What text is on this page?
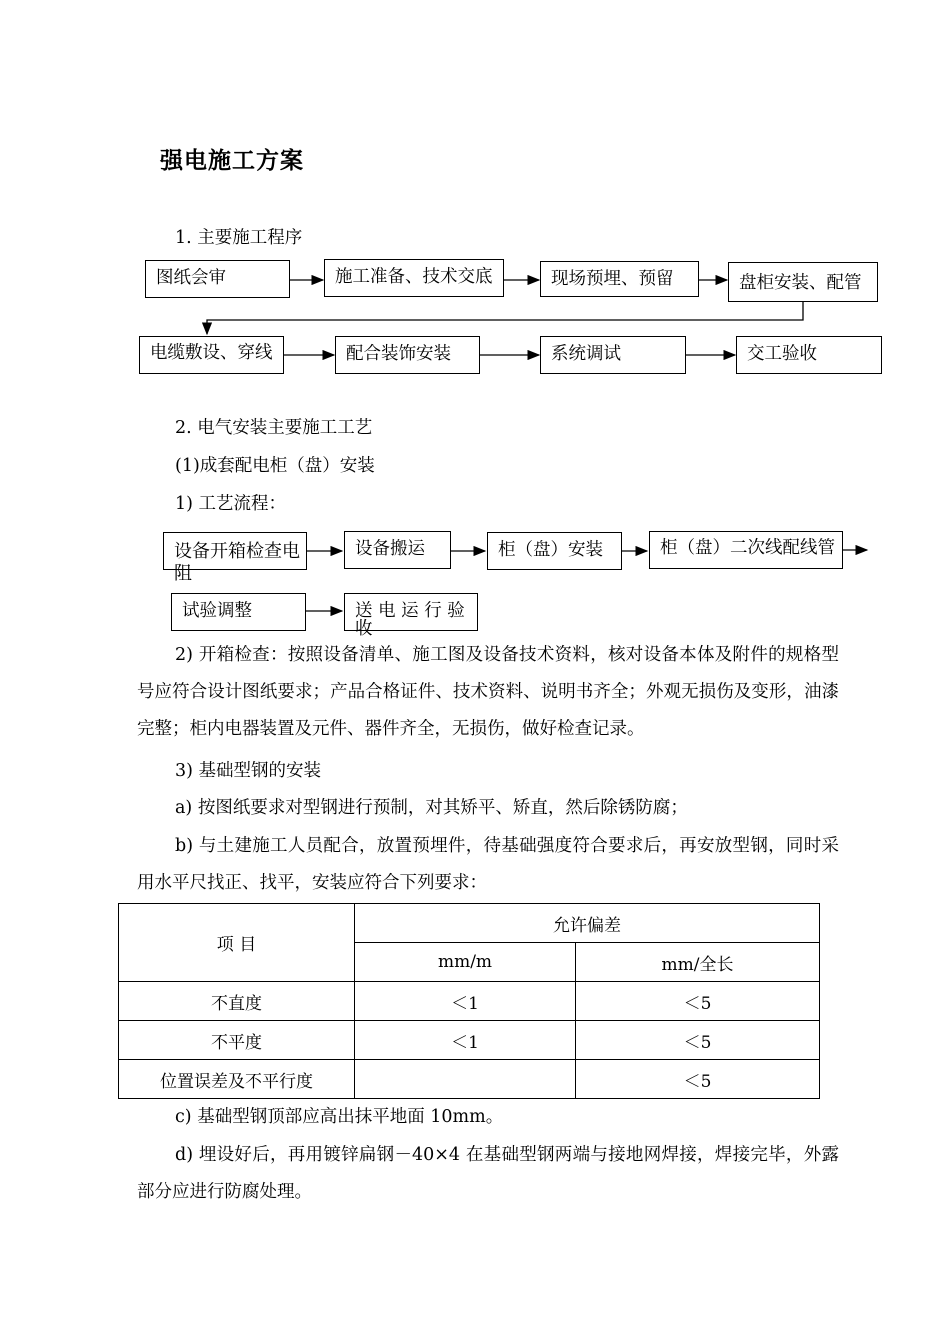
强电施工方案
1. 主要施工程序
图纸会审	施工准备、技术交底	现场预埋、预留	盘柜安装、配管
电缆敷设、穿线	配合装饰安装	系统调试	交工验收
2. 电气安装主要施工工艺
(1)成套配电柜（盘）安装
1) 工艺流程：
设备开箱检查电阻
设备搬运	柜（盘）安装	柜（盘）二次线配线管
试验调整	送 电 运 行 验 收
2) 开箱检查：按照设备清单、施工图及设备技术资料，核对设备本体及附件的规格型号应符合设计图纸要求；产品合格证件、技术资料、说明书齐全；外观无损伤及变形，油漆完整；柜内电器装置及元件、器件齐全，无损伤，做好检查记录。
3) 基础型钢的安装
a) 按图纸要求对型钢进行预制，对其矫平、矫直，然后除锈防腐；
b) 与土建施工人员配合，放置预埋件，待基础强度符合要求后，再安放型钢，同时采用水平尺找正、找平，安装应符合下列要求：
项 目	允许偏差	
	mm/m	mm/全长
不直度	＜1	＜5
不平度	＜1	＜5
位置误差及不平行度		＜5
c) 基础型钢顶部应高出抹平地面 10mm。
d) 埋设好后，再用镀锌扁钢－40×4 在基础型钢两端与接地网焊接，焊接完毕，外露部分应进行防腐处理。
